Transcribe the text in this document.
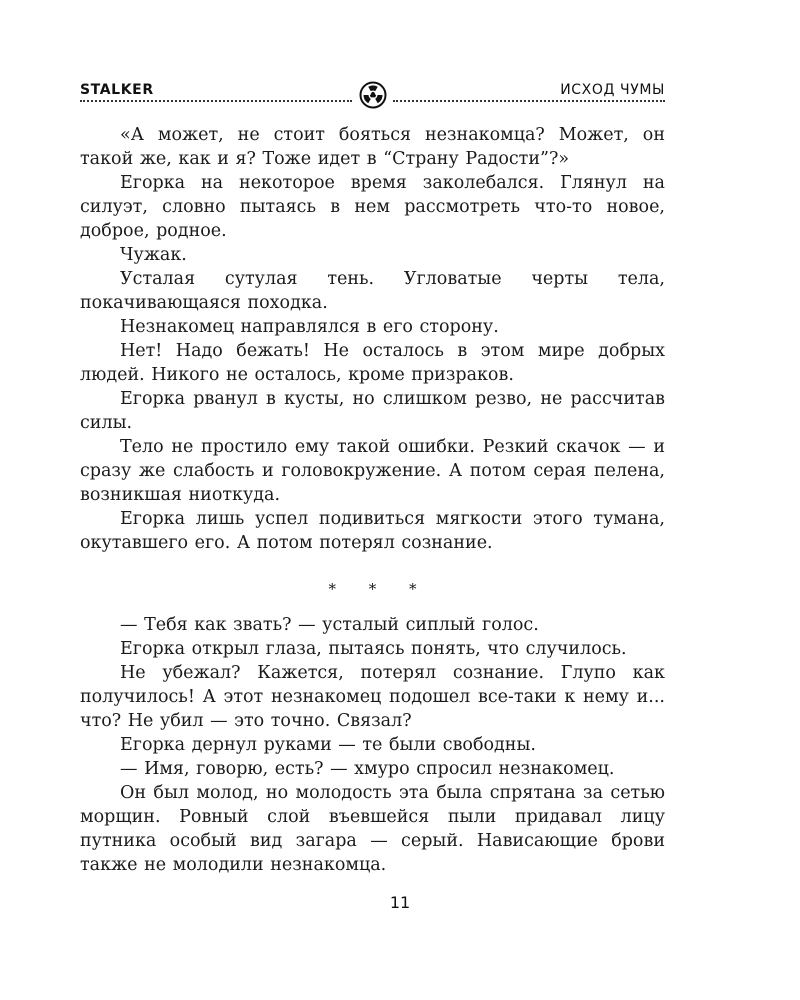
STALKER	ИСХОД ЧУМЫ

«А может, не стоит бояться незнакомца? Может, он такой же, как и я? Тоже идет в “Страну Радости”?»

Егорка на некоторое время заколебался. Глянул на силуэт, словно пытаясь в нем рассмотреть что-то новое, доброе, родное.

Чужак.

Усталая сутулая тень. Угловатые черты тела, покачивающаяся походка.

Незнакомец направлялся в его сторону.

Нет! Надо бежать! Не осталось в этом мире добрых людей. Никого не осталось, кроме призраков.

Егорка рванул в кусты, но слишком резво, не рассчитав силы.

Тело не простило ему такой ошибки. Резкий скачок — и сразу же слабость и головокружение. А потом серая пелена, возникшая ниоткуда.

Егорка лишь успел подивиться мягкости этого тумана, окутавшего его. А потом потерял сознание.

* * *

— Тебя как звать? — усталый сиплый голос.

Егорка открыл глаза, пытаясь понять, что случилось.

Не убежал? Кажется, потерял сознание. Глупо как получилось! А этот незнакомец подошел все-таки к нему и... что? Не убил — это точно. Связал?

Егорка дернул руками — те были свободны.

— Имя, говорю, есть? — хмуро спросил незнакомец.

Он был молод, но молодость эта была спрятана за сетью морщин. Ровный слой въевшейся пыли придавал лицу путника особый вид загара — серый. Нависающие брови также не молодили незнакомца.

11
